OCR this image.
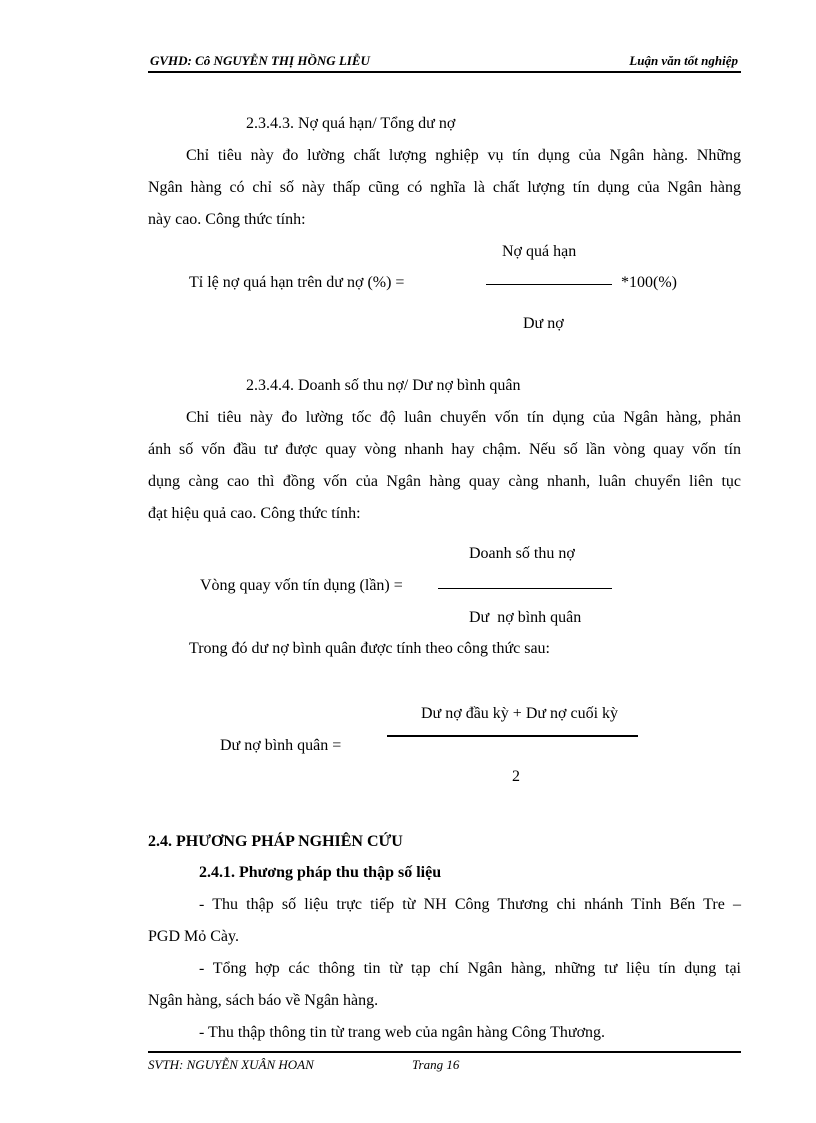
GVHD: Cô NGUYỄN THỊ HỒNG LIỄU	Luận văn tốt nghiệp
2.3.4.3. Nợ quá hạn/ Tổng dư nợ
Chỉ tiêu này đo lường chất lượng nghiệp vụ tín dụng của Ngân hàng. Những
Ngân hàng có chỉ số này thấp cũng có nghĩa là chất lượng tín dụng của Ngân hàng
này cao. Công thức tính:
Nợ quá hạn
Tỉ lệ nợ quá hạn trên dư nợ (%) =	*100(%)
Dư nợ
2.3.4.4. Doanh số thu nợ/ Dư nợ bình quân
Chỉ tiêu này đo lường tốc độ luân chuyển vốn tín dụng của Ngân hàng, phản
ánh số vốn đầu tư được quay vòng nhanh hay chậm. Nếu số lần vòng quay vốn tín
dụng càng cao thì đồng vốn của Ngân hàng quay càng nhanh, luân chuyển liên tục
đạt hiệu quả cao. Công thức tính:
Doanh số thu nợ
Vòng quay vốn tín dụng (lần) =
Dư  nợ bình quân
Trong đó dư nợ bình quân được tính theo công thức sau:
Dư nợ đầu kỳ + Dư nợ cuối kỳ
Dư nợ bình quân =
2
2.4. PHƯƠNG PHÁP NGHIÊN CỨU
2.4.1. Phương pháp thu thập số liệu
- Thu thập số liệu trực tiếp từ NH Công Thương chi nhánh Tỉnh Bến Tre –
PGD Mỏ Cày.
- Tổng hợp các thông tin từ tạp chí Ngân hàng, những tư liệu tín dụng tại
Ngân hàng, sách báo về Ngân hàng.
- Thu thập thông tin từ trang web của ngân hàng Công Thương.
SVTH: NGUYỄN XUÂN HOAN	Trang 16
